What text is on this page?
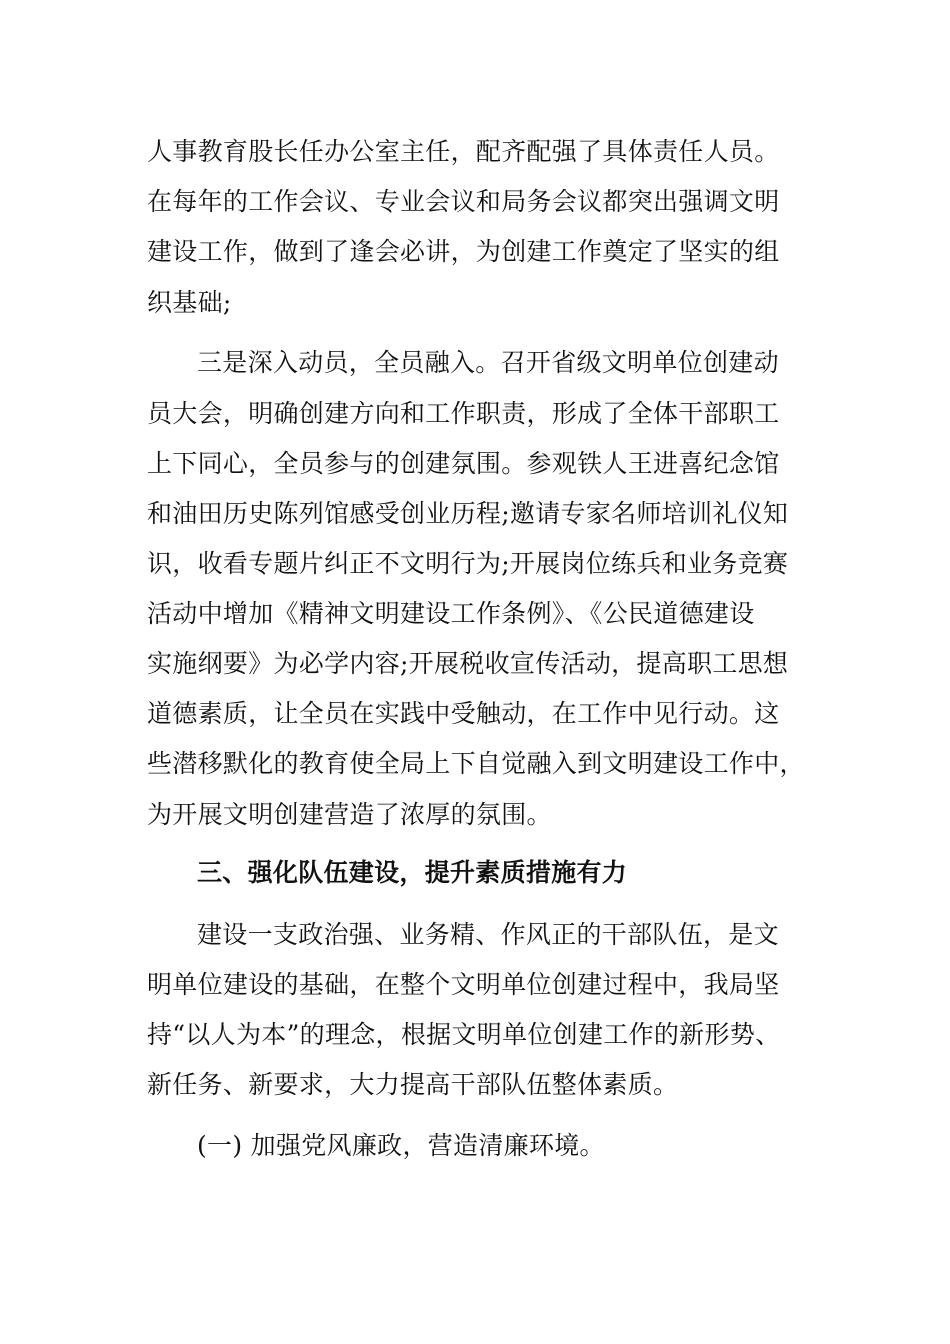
人事教育股长任办公室主任，配齐配强了具体责任人员。
在每年的工作会议、专业会议和局务会议都突出强调文明
建设工作，做到了逢会必讲，为创建工作奠定了坚实的组
织基础;
三是深入动员，全员融入。召开省级文明单位创建动
员大会，明确创建方向和工作职责，形成了全体干部职工
上下同心，全员参与的创建氛围。参观铁人王进喜纪念馆
和油田历史陈列馆感受创业历程;邀请专家名师培训礼仪知
识，收看专题片纠正不文明行为;开展岗位练兵和业务竞赛
活动中增加《精神文明建设工作条例》、《公民道德建设
实施纲要》为必学内容;开展税收宣传活动，提高职工思想
道德素质，让全员在实践中受触动，在工作中见行动。这
些潜移默化的教育使全局上下自觉融入到文明建设工作中，
为开展文明创建营造了浓厚的氛围。
三、强化队伍建设，提升素质措施有力
建设一支政治强、业务精、作风正的干部队伍，是文
明单位建设的基础，在整个文明单位创建过程中，我局坚
持“以人为本”的理念，根据文明单位创建工作的新形势、
新任务、新要求，大力提高干部队伍整体素质。
(一) 加强党风廉政，营造清廉环境。
